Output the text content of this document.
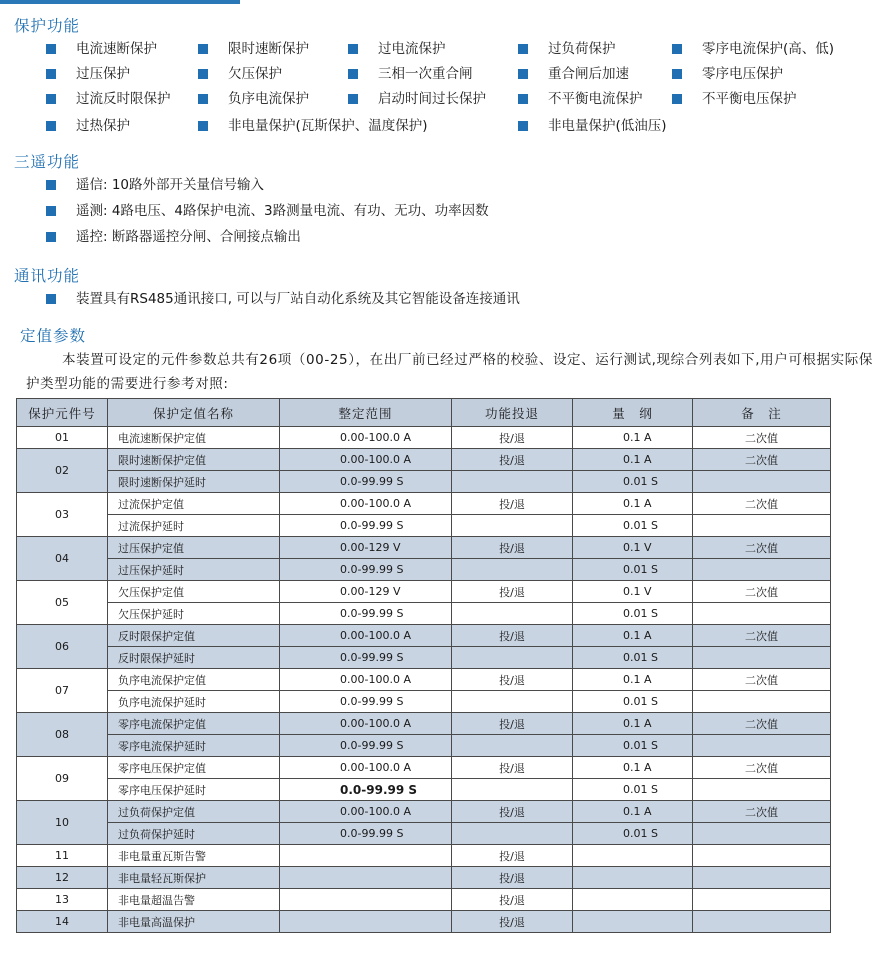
保护功能
电流速断保护	限时速断保护	过电流保护	过负荷保护	零序电流保护(高、低)
过压保护	欠压保护	三相一次重合闸	重合闸后加速	零序电压保护
过流反时限保护	负序电流保护	启动时间过长保护	不平衡电流保护	不平衡电压保护
过热保护	非电量保护(瓦斯保护、温度保护)	非电量保护(低油压)
三遥功能
遥信: 10路外部开关量信号输入
遥测: 4路电压、4路保护电流、3路测量电流、有功、无功、功率因数
遥控: 断路器遥控分闸、合闸接点输出
通讯功能
装置具有RS485通讯接口, 可以与厂站自动化系统及其它智能设备连接通讯
定值参数
本装置可设定的元件参数总共有26项（00-25），在出厂前已经过严格的校验、设定、运行测试,现综合列表如下,用户可根据实际保护类型功能的需要进行参考对照:
保护元件号	保护定值名称	整定范围	功能投退	量　纲	备　注
01	电流速断保护定值	0.00-100.0 A	投/退	0.1 A	二次值
02	限时速断保护定值	0.00-100.0 A	投/退	0.1 A	二次值
	限时速断保护延时	0.0-99.99 S		0.01 S	
03	过流保护定值	0.00-100.0 A	投/退	0.1 A	二次值
	过流保护延时	0.0-99.99 S		0.01 S	
04	过压保护定值	0.00-129 V	投/退	0.1 V	二次值
	过压保护延时	0.0-99.99 S		0.01 S	
05	欠压保护定值	0.00-129 V	投/退	0.1 V	二次值
	欠压保护延时	0.0-99.99 S		0.01 S	
06	反时限保护定值	0.00-100.0 A	投/退	0.1 A	二次值
	反时限保护延时	0.0-99.99 S		0.01 S	
07	负序电流保护定值	0.00-100.0 A	投/退	0.1 A	二次值
	负序电流保护延时	0.0-99.99 S		0.01 S	
08	零序电流保护定值	0.00-100.0 A	投/退	0.1 A	二次值
	零序电流保护延时	0.0-99.99 S		0.01 S	
09	零序电压保护定值	0.00-100.0 A	投/退	0.1 A	二次值
	零序电压保护延时	0.0-99.99 S		0.01 S	
10	过负荷保护定值	0.00-100.0 A	投/退	0.1 A	二次值
	过负荷保护延时	0.0-99.99 S		0.01 S	
11	非电量重瓦斯告警		投/退		
12	非电量轻瓦斯保护		投/退		
13	非电量超温告警		投/退		
14	非电量高温保护		投/退		
